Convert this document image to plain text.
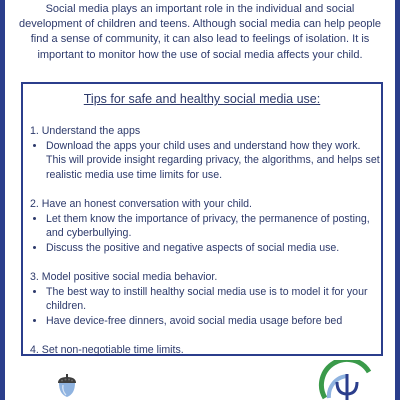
Social media plays an important role in the individual and social development of children and teens. Although social media can help people find a sense of community, it can also lead to feelings of isolation. It is important to monitor how the use of social media affects your child.

Tips for safe and healthy social media use:
1. Understand the apps
• Download the apps your child uses and understand how they work. This will provide insight regarding privacy, the algorithms, and helps set realistic media use time limits for use.
2. Have an honest conversation with your child.
• Let them know the importance of privacy, the permanence of posting, and cyberbullying.
• Discuss the positive and negative aspects of social media use.
3. Model positive social media behavior.
• The best way to instill healthy social media use is to model it for your children.
• Have device-free dinners, avoid social media usage before bed
4. Set non-negotiable time limits.
